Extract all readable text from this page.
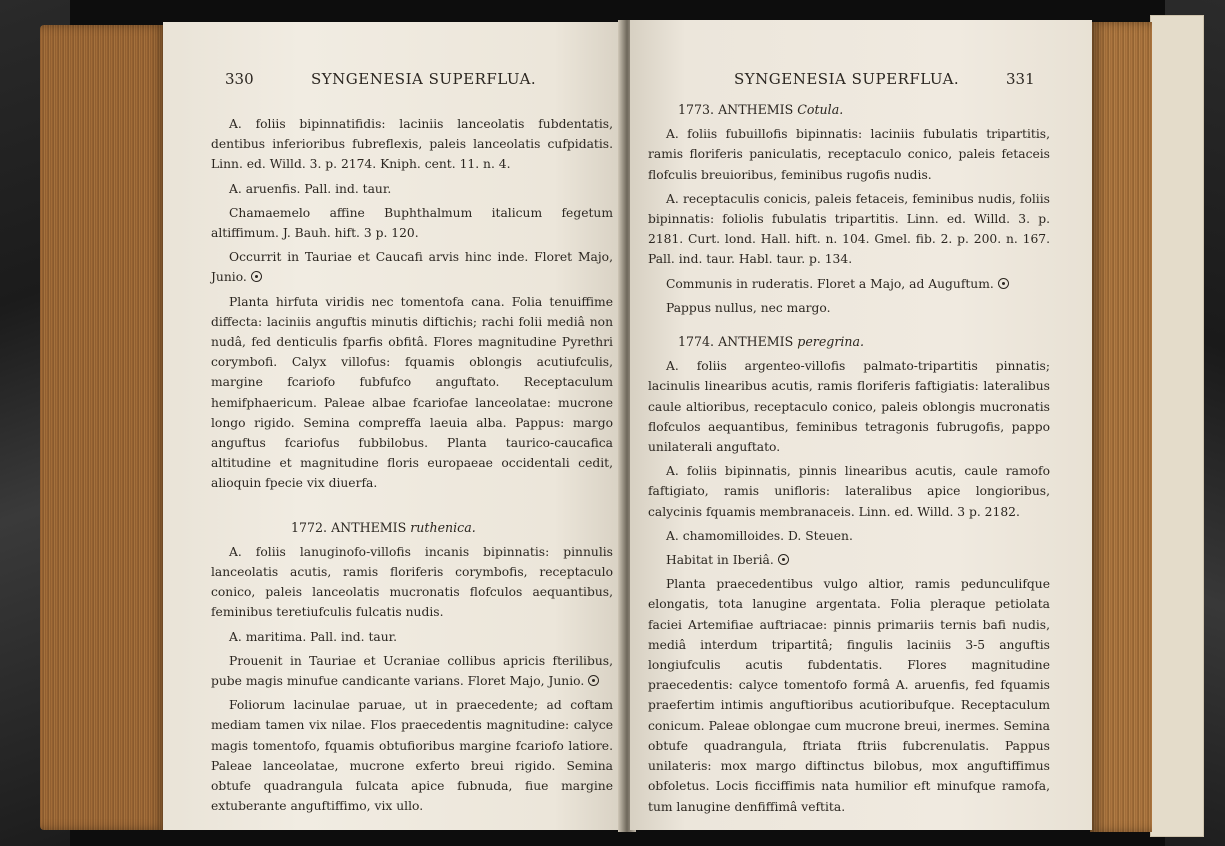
330	SYNGENESIA SUPERFLUA.

A. foliis bipinnatifidis: laciniis lanceolatis fubdentatis, dentibus inferioribus fubreflexis, paleis lanceolatis cufpidatis. Linn. ed. Willd. 3. p. 2174. Kniph. cent. 11. n. 4.

A. aruenfis. Pall. ind. taur.

Chamaemelo affine Buphthalmum italicum fegetum altiffimum. J. Bauh. hift. 3 p. 120.

Occurrit in Tauriae et Caucafi arvis hinc inde. Floret Majo, Junio.

Planta hirfuta viridis nec tomentofa cana. Folia tenuiffime diffecta: laciniis anguftis minutis diftichis; rachi folii mediâ non nudâ, fed denticulis fparfis obfitâ. Flores magnitudine Pyrethri corymbofi. Calyx villofus: fquamis oblongis acutiufculis, margine fcariofo fubfufco anguftato. Receptaculum hemifphaericum. Paleae albae fcariofae lanceolatae: mucrone longo rigido. Semina compreffa laeuia alba. Pappus: margo anguftus fcariofus fubbilobus. Planta taurico-caucafica altitudine et magnitudine floris europaeae occidentali cedit, alioquin fpecie vix diuerfa.

1772. ANTHEMIS ruthenica.

A. foliis lanuginofo-villofis incanis bipinnatis: pinnulis lanceolatis acutis, ramis floriferis corymbofis, receptaculo conico, paleis lanceolatis mucronatis flofculos aequantibus, feminibus teretiufculis fulcatis nudis.

A. maritima. Pall. ind. taur.

Prouenit in Tauriae et Ucraniae collibus apricis fterilibus, pube magis minufue candicante varians. Floret Majo, Junio.

Foliorum lacinulae paruae, ut in praecedente; ad coftam mediam tamen vix nilae. Flos praecedentis magnitudine: calyce magis tomentofo, fquamis obtufioribus margine fcariofo latiore. Paleae lanceolatae, mucrone exferto breui rigido. Semina obtufe quadrangula fulcata apice fubnuda, fiue margine extuberante anguftiffimo, vix ullo.

SYNGENESIA SUPERFLUA.	331

1773. ANTHEMIS Cotula.

A. foliis fubuillofis bipinnatis: laciniis fubulatis tripartitis, ramis floriferis paniculatis, receptaculo conico, paleis fetaceis flofculis breuioribus, feminibus rugofis nudis.

A. receptaculis conicis, paleis fetaceis, feminibus nudis, foliis bipinnatis: foliolis fubulatis tripartitis. Linn. ed. Willd. 3. p. 2181. Curt. lond. Hall. hift. n. 104. Gmel. fib. 2. p. 200. n. 167. Pall. ind. taur. Habl. taur. p. 134.

Communis in ruderatis. Floret a Majo, ad Auguftum.

Pappus nullus, nec margo.

1774. ANTHEMIS peregrina.

A. foliis argenteo-villofis palmato-tripartitis pinnatis; lacinulis linearibus acutis, ramis floriferis faftigiatis: lateralibus caule altioribus, receptaculo conico, paleis oblongis mucronatis flofculos aequantibus, feminibus tetragonis fubrugofis, pappo unilaterali anguftato.

A. foliis bipinnatis, pinnis linearibus acutis, caule ramofo faftigiato, ramis unifloris: lateralibus apice longioribus, calycinis fquamis membranaceis. Linn. ed. Willd. 3 p. 2182.

A. chamomilloides. D. Steuen.

Habitat in Iberiâ.

Planta praecedentibus vulgo altior, ramis pedunculifque elongatis, tota lanugine argentata. Folia pleraque petiolata faciei Artemifiae auftriacae: pinnis primariis ternis bafi nudis, mediâ interdum tripartitâ; fingulis laciniis 3-5 anguftis longiufculis acutis fubdentatis. Flores magnitudine praecedentis: calyce tomentofo formâ A. aruenfis, fed fquamis praefertim intimis anguftioribus acutioribufque. Receptaculum conicum. Paleae oblongae cum mucrone breui, inermes. Semina obtufe quadrangula, ftriata ftriis fubcrenulatis. Pappus unilateris: mox margo diftinctus bilobus, mox anguftiffimus obfoletus. Locis ficciffimis nata humilior eft minufque ramofa, tum lanugine denfiffimâ veftita.
